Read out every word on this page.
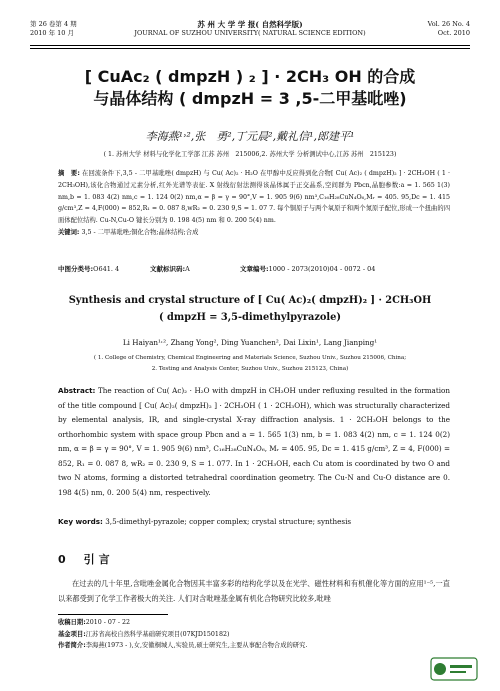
第 26 卷第 4 期
2010 年 10 月
苏 州 大 学 学 报( 自然科学版)
JOURNAL OF SUZHOU UNIVERSITY( NATURAL SCIENCE EDITION)
Vol. 26 No. 4
Oct. 2010
[ CuAc₂ ( dmpzH ) ₂ ] · 2CH₃ OH 的合成
与晶体结构 ( dmpzH = 3 ,5-二甲基吡唑)
李海燕¹˒²,张　勇²,丁元晨²,戴礼信¹,郎建平¹
( 1. 苏州大学 材料与化学化工学部 江苏 苏州　215006,2. 苏州大学 分析测试中心,江苏 苏州　215123)
摘　要: 在回流条件下,3,5 - 二甲基吡唑( dmpzH) 与 Cu( Ac)₂ · H₂O 在甲醇中反应得到化合物[ Cu( Ac)₂ ( dmpzH)₂ ] · 2CH₃OH ( 1 · 2CH₃OH),该化合物通过元素分析,红外光谱等表征. X 射线衍射法测得该晶体属于正交晶系,空间群为 Pbcn,晶胞参数:a = 1. 565 1(3) nm,b = 1. 083 4(2) nm,c = 1. 124 0(2) nm,α = β = γ = 90°,V = 1. 905 9(6) nm³,C₁₆H₂₈CuN₄O₆,Mᵣ = 405. 95,Dc = 1. 415 g/cm³,Z = 4,F(000) = 852,R₁ = 0. 087 8,wR₂ = 0. 230 9,S = 1. 07 7. 每个铜原子与两个氧原子和两个氮原子配位,形成一个扭曲的四面体配位结构. Cu-N,Cu-O 键长分别为 0. 198 4(5) nm 和 0. 200 5(4) nm.
关键词: 3,5 - 二甲基吡唑;铜化合物;晶体结构;合成
中图分类号:O641. 4	文献标识码:A	文章编号:1000 - 2073(2010)04 - 0072 - 04
Synthesis and crystal structure of [ Cu( Ac)₂( dmpzH)₂ ] · 2CH₃OH
( dmpzH = 3,5-dimethylpyrazole)
Li Haiyan¹˒², Zhang Yong², Ding Yuanchen², Dai Lixin¹, Lang Jianping¹
( 1. College of Chemistry, Chemical Engineering and Materials Science, Suzhou Univ., Suzhou 215006, China;
2. Testing and Analysis Center, Suzhou Univ., Suzhou 215123, China)
Abstract: The reaction of Cu( Ac)₂ · H₂O with dmpzH in CH₃OH under refluxing resulted in the formation of the title compound [ Cu( Ac)₂( dmpzH)₂ ] · 2CH₃OH ( 1 · 2CH₃OH), which was structurally characterized by elemental analysis, IR, and single-crystal X-ray diffraction analysis. 1 · 2CH₃OH belongs to the orthorhombic system with space group Pbcn and a = 1. 565 1(3) nm, b = 1. 083 4(2) nm, c = 1. 124 0(2) nm, α = β = γ = 90°, V = 1. 905 9(6) nm³, C₁₆H₂₈CuN₄O₆, Mᵣ = 405. 95, Dc = 1. 415 g/cm³, Z = 4, F(000) = 852, R₁ = 0. 087 8, wR₂ = 0. 230 9, S = 1. 077. In 1 · 2CH₃OH, each Cu atom is coordinated by two O and two N atoms, forming a distorted tetrahedral coordination geometry. The Cu-N and Cu-O distance are 0. 198 4(5) nm, 0. 200 5(4) nm, respectively.
Key words: 3,5-dimethyl-pyrazole; copper complex; crystal structure; synthesis
0 引言
在过去的几十年里,含吡唑金属化合物因其丰富多彩的结构化学以及在光学、磁性材料和有机催化等方面的应用¹⁻⁵,一直以来都受到了化学工作者极大的关注. 人们对含吡唑基金属有机化合物研究比较多,吡唑
收稿日期:2010 - 07 - 22
基金项目:江苏省高校自然科学基础研究项目(07KJD150182)
作者简介:李海燕(1973 - ),女,安徽桐城人,实验员,硕士研究生,主要从事配合物合成的研究.
